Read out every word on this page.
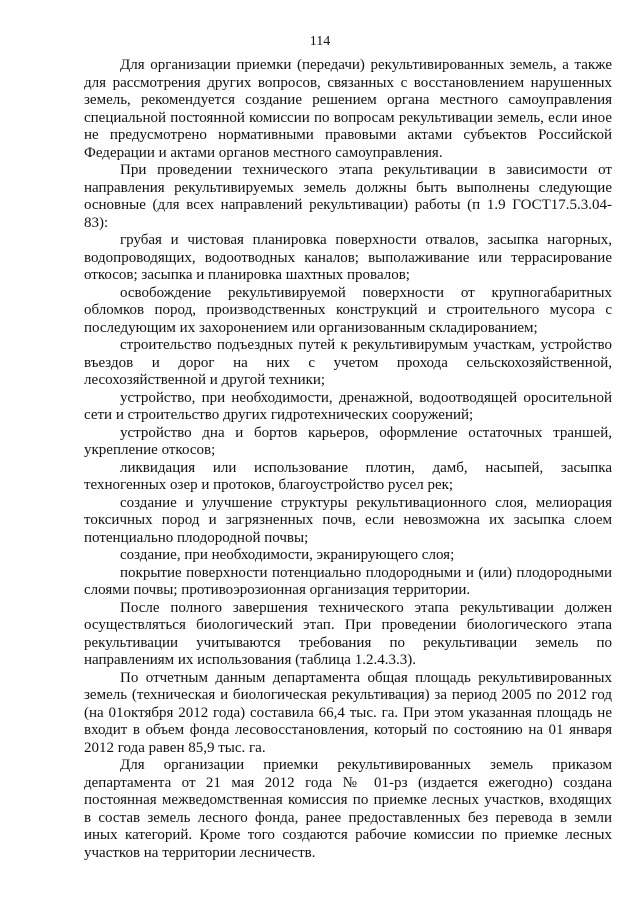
114

Для организации приемки (передачи) рекультивированных земель, а также для рассмотрения других вопросов, связанных с восстановлением нарушенных земель, рекомендуется создание решением органа местного самоуправления специальной постоянной комиссии по вопросам рекультивации земель, если иное не предусмотрено нормативными правовыми актами субъектов Российской Федерации и актами органов местного самоуправления.

При проведении технического этапа рекультивации в зависимости от направления рекультивируемых земель должны быть выполнены следующие основные (для всех направлений рекультивации) работы (п 1.9 ГОСТ17.5.3.04-83):

грубая и чистовая планировка поверхности отвалов, засыпка нагорных, водопроводящих, водоотводных каналов; выполаживание или террасирование откосов; засыпка и планировка шахтных провалов;

освобождение рекультивируемой поверхности от крупногабаритных обломков пород, производственных конструкций и строительного мусора с последующим их захоронением или организованным складированием;

строительство подъездных путей к рекультивирумым участкам, устройство въездов и дорог на них с учетом прохода сельскохозяйственной, лесохозяйственной и другой техники;

устройство, при необходимости, дренажной, водоотводящей оросительной сети и строительство других гидротехнических сооружений;

устройство дна и бортов карьеров, оформление остаточных траншей, укрепление откосов;

ликвидация или использование плотин, дамб, насыпей, засыпка техногенных озер и протоков, благоустройство русел рек;

создание и улучшение структуры рекультивационного слоя, мелиорация токсичных пород и загрязненных почв, если невозможна их засыпка слоем потенциально плодородной почвы;

создание, при необходимости, экранирующего слоя;

покрытие поверхности потенциально плодородными и (или) плодородными слоями почвы; противоэрозионная организация территории.

После полного завершения технического этапа рекультивации должен осуществляться биологический этап. При проведении биологического этапа рекультивации учитываются требования по рекультивации земель по направлениям их использования (таблица 1.2.4.3.3).

По отчетным данным департамента общая площадь рекультивированных земель (техническая и биологическая рекультивация) за период 2005 по 2012 год (на 01октября 2012 года) составила 66,4 тыс. га. При этом указанная площадь не входит в объем фонда лесовосстановления, который по состоянию на 01 января 2012 года равен 85,9 тыс. га.

Для организации приемки рекультивированных земель приказом департамента от 21 мая 2012 года № 01-рз (издается ежегодно) создана постоянная межведомственная комиссия по приемке лесных участков, входящих в состав земель лесного фонда, ранее предоставленных без перевода в земли иных категорий. Кроме того создаются рабочие комиссии по приемке лесных участков на территории лесничеств.
